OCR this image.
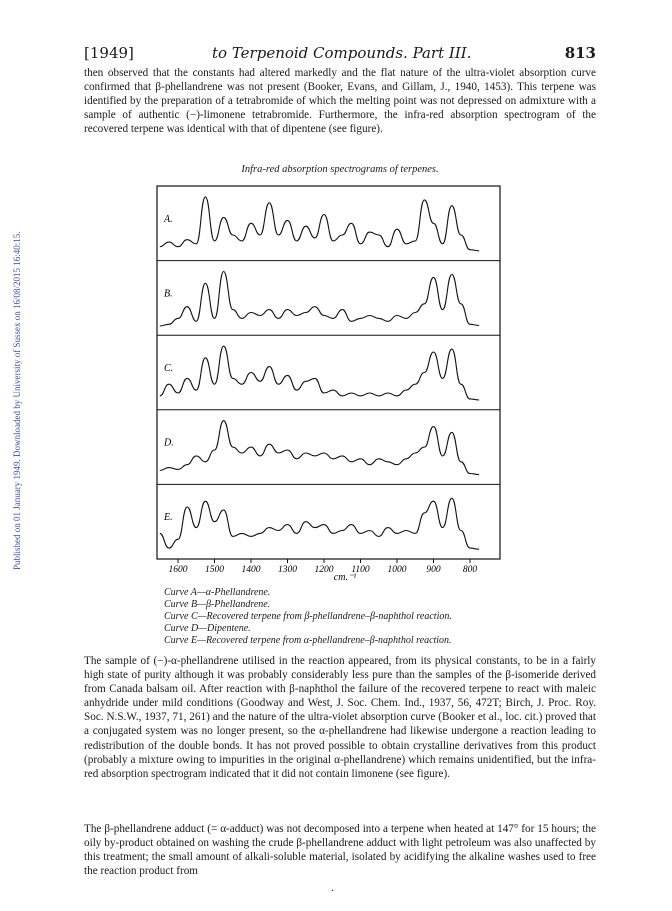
Published on 01 January 1949. Downloaded by University of Sussex on 16/08/2015 16:40:15.
[1949]	to Terpenoid Compounds. Part III.	813

then observed that the constants had altered markedly and the flat nature of the ultra-violet absorption curve confirmed that β-phellandrene was not present (Booker, Evans, and Gillam, J., 1940, 1453). This terpene was identified by the preparation of a tetrabromide of which the melting point was not depressed on admixture with a sample of authentic (−)-limonene tetrabromide. Furthermore, the infra-red absorption spectrogram of the recovered terpene was identical with that of dipentene (see figure).

Infra-red absorption spectrograms of terpenes.
A.
B.
C.
D.
E.
1600 1500 1400 1300 1200 1100 1000 900 800
cm.⁻¹
Curve A—α-Phellandrene.
Curve B—β-Phellandrene.
Curve C—Recovered terpene from β-phellandrene–β-naphthol reaction.
Curve D—Dipentene.
Curve E—Recovered terpene from α-phellandrene–β-naphthol reaction.

The sample of (−)-α-phellandrene utilised in the reaction appeared, from its physical constants, to be in a fairly high state of purity although it was probably considerably less pure than the samples of the β-isomeride derived from Canada balsam oil. After reaction with β-naphthol the failure of the recovered terpene to react with maleic anhydride under mild conditions (Goodway and West, J. Soc. Chem. Ind., 1937, 56, 472T; Birch, J. Proc. Roy. Soc. N.S.W., 1937, 71, 261) and the nature of the ultra-violet absorption curve (Booker et al., loc. cit.) proved that a conjugated system was no longer present, so the α-phellandrene had likewise undergone a reaction leading to redistribution of the double bonds. It has not proved possible to obtain crystalline derivatives from this product (probably a mixture owing to impurities in the original α-phellandrene) which remains unidentified, but the infra-red absorption spectrogram indicated that it did not contain limonene (see figure).

The β-phellandrene adduct (= α-adduct) was not decomposed into a terpene when heated at 147° for 15 hours; the oily by-product obtained on washing the crude β-phellandrene adduct with light petroleum was also unaffected by this treatment; the small amount of alkali-soluble material, isolated by acidifying the alkaline washes used to free the reaction product from

·
